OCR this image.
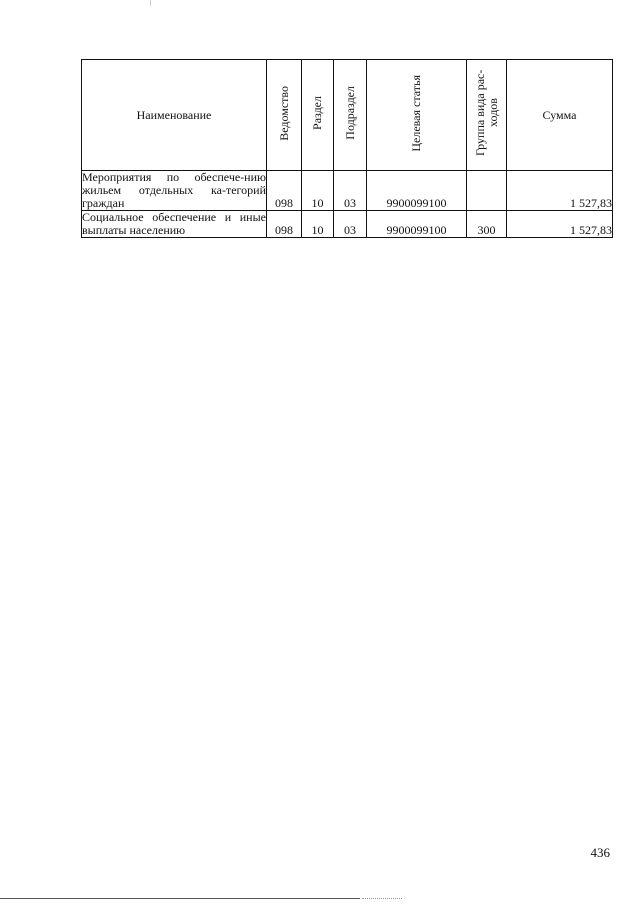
Наименование	Ведомство	Раздел	Подраздел	Целевая статья	Группа вида рас-ходов	Сумма
Мероприятия по обеспече-нию жильем отдельных ка-тегорий граждан	098	10	03	9900099100		1 527,83
Социальное обеспечение и иные выплаты населению	098	10	03	9900099100	300	1 527,83
436
